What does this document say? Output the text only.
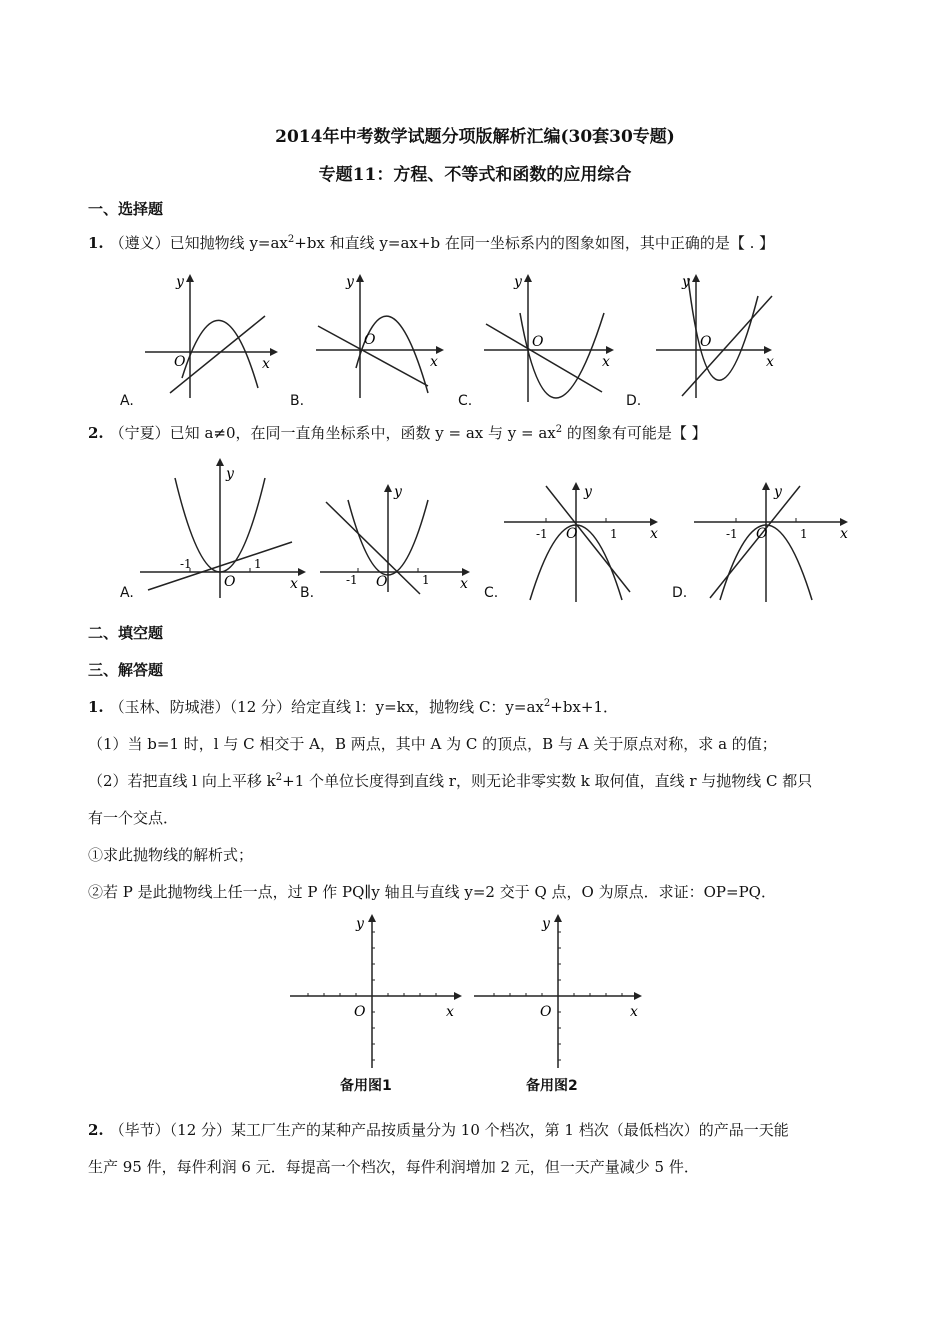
2014年中考数学试题分项版解析汇编(30套30专题)
专题11：方程、不等式和函数的应用综合
一、选择题
1. （遵义）已知抛物线 $y=ax^2+bx$ 和直线 y=ax+b 在同一坐标系内的图象如图，其中正确的是【 . 】
O	x
y
A.
O
x
y
B.
O
x
y
C.
O
x
y
D.
2. （宁夏）已知 a≠0，在同一直角坐标系中，函数 y = ax 与 $y = ax^2$ 的图象有可能是【 】
-1	1
O	x
y
A.
-1	1
O	x
y
B.
-1	1
O	x
y
C.
-1	1
O	x
y
D.
二、填空题
三、解答题
1. （玉林、防城港）（12 分）给定直线 l：y=kx，抛物线 C：$y=ax^2+bx+1$．
（1）当 b=1 时，l 与 C 相交于 A，B 两点，其中 A 为 C 的顶点，B 与 A 关于原点对称，求 a 的值；
（2）若把直线 l 向上平移 $k^2+1$ 个单位长度得到直线 r，则无论非零实数 k 取何值，直线 r 与抛物线 C 都只
有一个交点．
①求此抛物线的解析式；
②若 P 是此抛物线上任一点，过 P 作 PQ∥y 轴且与直线 y=2 交于 Q 点，O 为原点．求证：OP=PQ．
O	x
y
备用图1
O	x
y
备用图2
2. （毕节）（12 分）某工厂生产的某种产品按质量分为 10 个档次，第 1 档次（最低档次）的产品一天能
生产 95 件，每件利润 6 元．每提高一个档次，每件利润增加 2 元，但一天产量减少 5 件．
